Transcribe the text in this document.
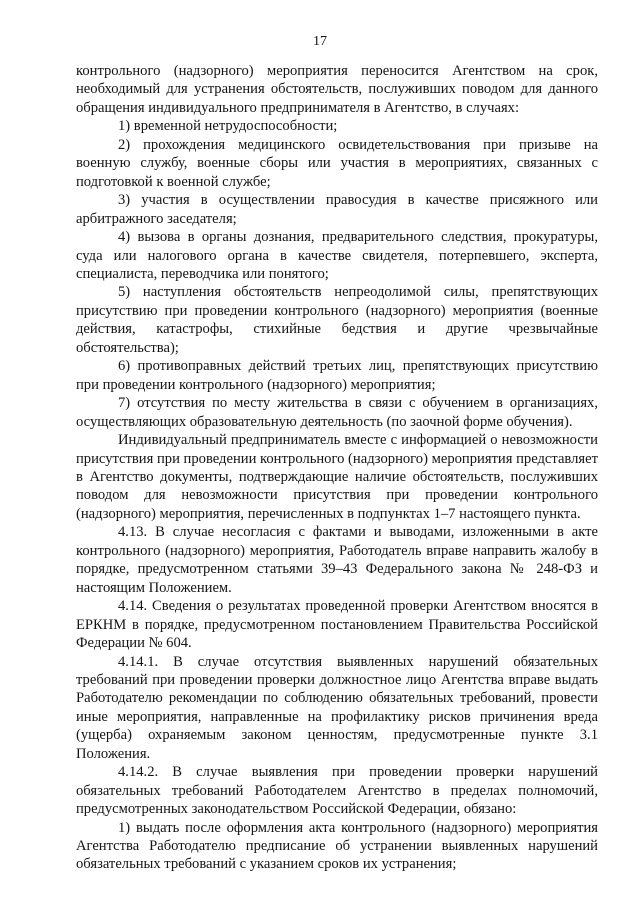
17

контрольного (надзорного) мероприятия переносится Агентством на срок, необходимый для устранения обстоятельств, послуживших поводом для данного обращения индивидуального предпринимателя в Агентство, в случаях:

1) временной нетрудоспособности;

2) прохождения медицинского освидетельствования при призыве на военную службу, военные сборы или участия в мероприятиях, связанных с подготовкой к военной службе;

3) участия в осуществлении правосудия в качестве присяжного или арбитражного заседателя;

4) вызова в органы дознания, предварительного следствия, прокуратуры, суда или налогового органа в качестве свидетеля, потерпевшего, эксперта, специалиста, переводчика или понятого;

5) наступления обстоятельств непреодолимой силы, препятствующих присутствию при проведении контрольного (надзорного) мероприятия (военные действия, катастрофы, стихийные бедствия и другие чрезвычайные обстоятельства);

6) противоправных действий третьих лиц, препятствующих присутствию при проведении контрольного (надзорного) мероприятия;

7) отсутствия по месту жительства в связи с обучением в организациях, осуществляющих образовательную деятельность (по заочной форме обучения).

Индивидуальный предприниматель вместе с информацией о невозможности присутствия при проведении контрольного (надзорного) мероприятия представляет в Агентство документы, подтверждающие наличие обстоятельств, послуживших поводом для невозможности присутствия при проведении контрольного (надзорного) мероприятия, перечисленных в подпунктах 1–7 настоящего пункта.

4.13. В случае несогласия с фактами и выводами, изложенными в акте контрольного (надзорного) мероприятия, Работодатель вправе направить жалобу в порядке, предусмотренном статьями 39–43 Федерального закона № 248-ФЗ и настоящим Положением.

4.14. Сведения о результатах проведенной проверки Агентством вносятся в ЕРКНМ в порядке, предусмотренном постановлением Правительства Российской Федерации № 604.

4.14.1. В случае отсутствия выявленных нарушений обязательных требований при проведении проверки должностное лицо Агентства вправе выдать Работодателю рекомендации по соблюдению обязательных требований, провести иные мероприятия, направленные на профилактику рисков причинения вреда (ущерба) охраняемым законом ценностям, предусмотренные пункте 3.1 Положения.

4.14.2. В случае выявления при проведении проверки нарушений обязательных требований Работодателем Агентство в пределах полномочий, предусмотренных законодательством Российской Федерации, обязано:

1) выдать после оформления акта контрольного (надзорного) мероприятия Агентства Работодателю предписание об устранении выявленных нарушений обязательных требований с указанием сроков их устранения;
